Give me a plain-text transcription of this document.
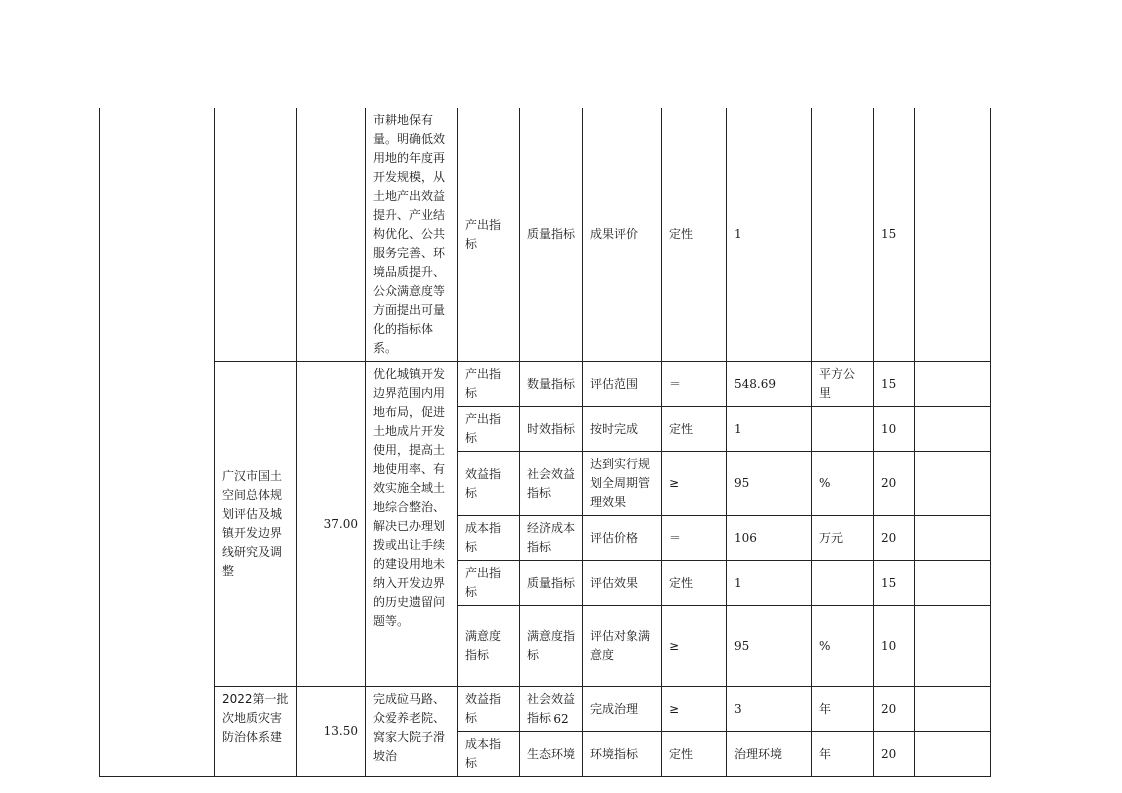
			市耕地保有量。明确低效用地的年度再开发规模，从土地产出效益提升、产业结构优化、公共服务完善、环境品质提升、公众满意度等方面提出可量化的指标体系。	产出指标	质量指标	成果评价	定性	1		15	
	广汉市国土空间总体规划评估及城镇开发边界线研究及调整	37.00	优化城镇开发边界范围内用地布局，促进土地成片开发使用，提高土地使用率、有效实施全域土地综合整治、解决已办理划拨或出让手续的建设用地未纳入开发边界的历史遗留问题等。	产出指标	数量指标	评估范围	＝	548.69	平方公里	15	
				产出指标	时效指标	按时完成	定性	1		10	
				效益指标	社会效益指标	达到实行规划全周期管理效果	≥	95	%	20	
				成本指标	经济成本指标	评估价格	＝	106	万元	20	
				产出指标	质量指标	评估效果	定性	1		15	
				满意度指标	满意度指标	评估对象满意度	≥	95	%	10	
	2022第一批次地质灾害防治体系建	13.50	完成砬马路、众爱养老院、窝家大院子滑坡治	效益指标	社会效益指标	完成治理	≥	3	年	20	
				成本指标	生态环境	环境指标	定性	治理环境	年	20	
62
